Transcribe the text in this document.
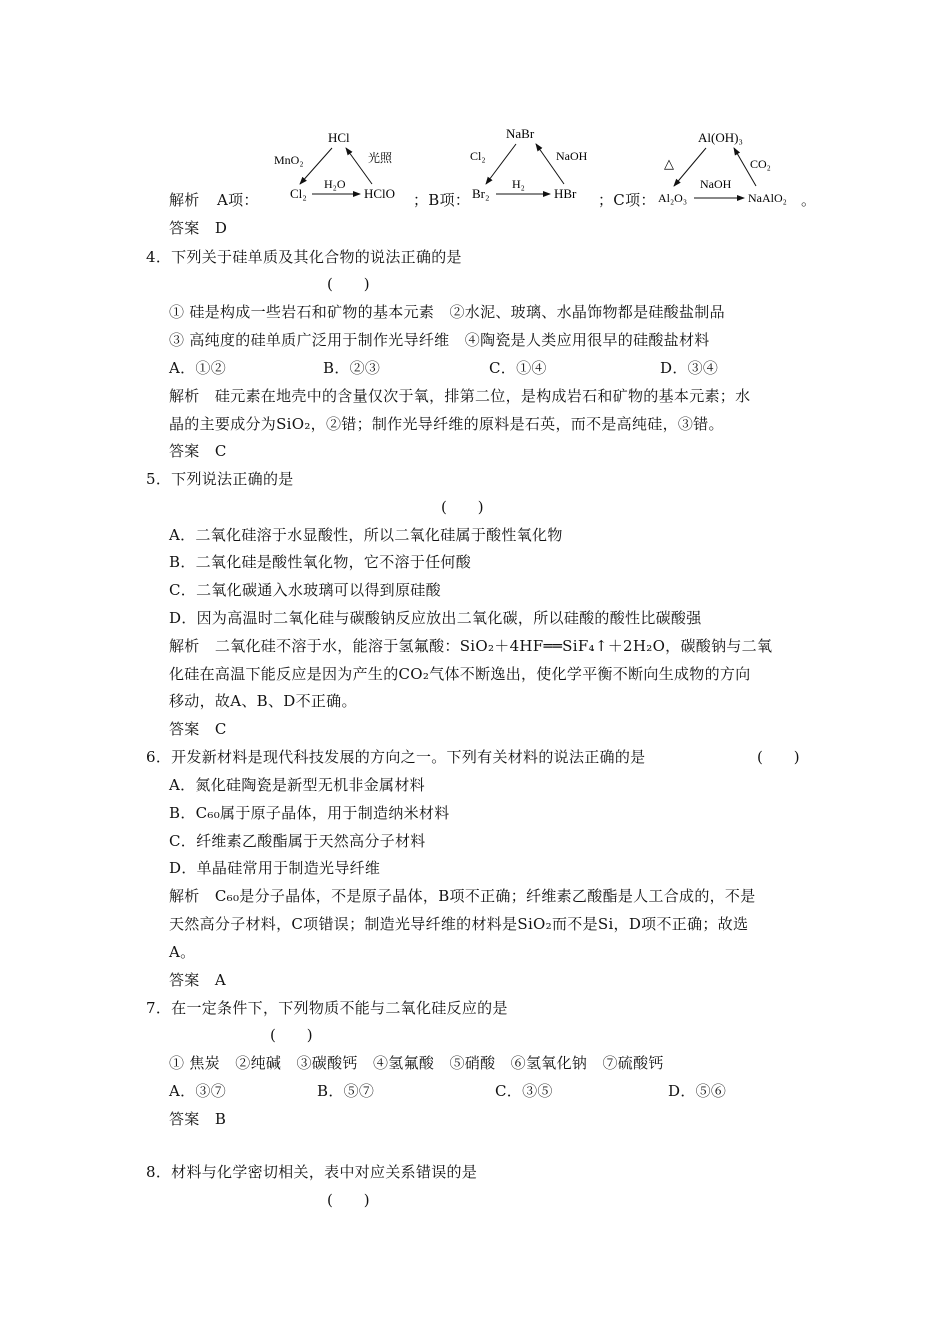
解析 A项：
HCl
Cl₂	HClO
MnO₂	光照
H₂O
；B项：
NaBr
Br₂	HBr
Cl₂	NaOH
H₂
；C项：
Al(OH)₃
Al₂O₃	NaAlO₂
△	CO₂
NaOH
。
答案　D
4．下列关于硅单质及其化合物的说法正确的是
(　　)
① 硅是构成一些岩石和矿物的基本元素　②水泥、玻璃、水晶饰物都是硅酸盐制品
③ 高纯度的硅单质广泛用于制作光导纤维　④陶瓷是人类应用很早的硅酸盐材料
A．①②	B．②③	C．①④	D．③④
解析　硅元素在地壳中的含量仅次于氧，排第二位，是构成岩石和矿物的基本元素；水
晶的主要成分为SiO₂，②错；制作光导纤维的原料是石英，而不是高纯硅，③错。
答案　C
5．下列说法正确的是
(　　)
A．二氧化硅溶于水显酸性，所以二氧化硅属于酸性氧化物
B．二氧化硅是酸性氧化物，它不溶于任何酸
C．二氧化碳通入水玻璃可以得到原硅酸
D．因为高温时二氧化硅与碳酸钠反应放出二氧化碳，所以硅酸的酸性比碳酸强
解析　二氧化硅不溶于水，能溶于氢氟酸：SiO₂＋4HF══SiF₄↑＋2H₂O，碳酸钠与二氧
化硅在高温下能反应是因为产生的CO₂气体不断逸出，使化学平衡不断向生成物的方向
移动，故A、B、D不正确。
答案　C
6．开发新材料是现代科技发展的方向之一。下列有关材料的说法正确的是	(　　)
A．氮化硅陶瓷是新型无机非金属材料
B．C₆₀属于原子晶体，用于制造纳米材料
C．纤维素乙酸酯属于天然高分子材料
D．单晶硅常用于制造光导纤维
解析　C₆₀是分子晶体，不是原子晶体，B项不正确；纤维素乙酸酯是人工合成的，不是
天然高分子材料，C项错误；制造光导纤维的材料是SiO₂而不是Si，D项不正确；故选
A。
答案　A
7．在一定条件下，下列物质不能与二氧化硅反应的是
(　　)
① 焦炭　②纯碱　③碳酸钙　④氢氟酸　⑤硝酸　⑥氢氧化钠　⑦硫酸钙
A．③⑦	B．⑤⑦	C．③⑤	D．⑤⑥
答案　B
8．材料与化学密切相关，表中对应关系错误的是
(　　)
